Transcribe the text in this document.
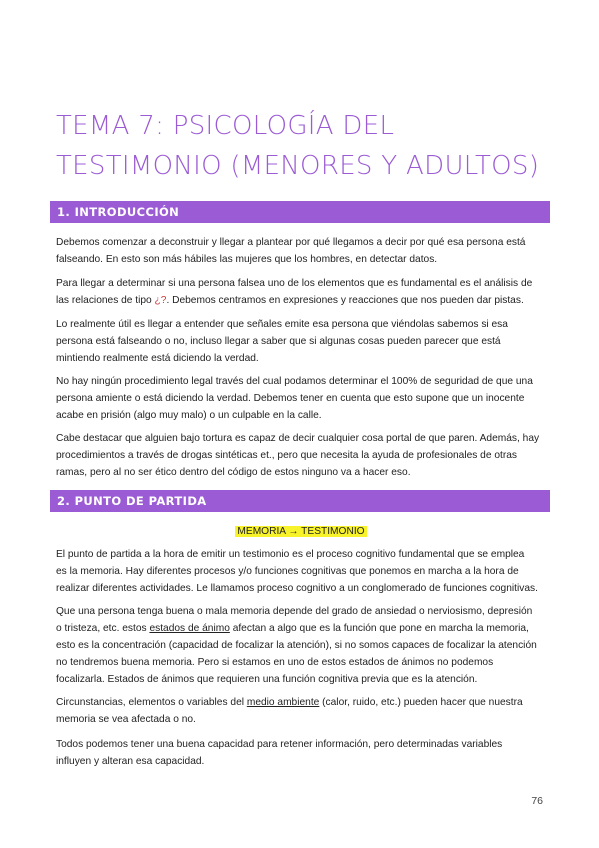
TEMA 7: PSICOLOGÍA DEL
TESTIMONIO (MENORES Y ADULTOS)
1. INTRODUCCIÓN
Debemos comenzar a deconstruir y llegar a plantear por qué llegamos a decir por qué esa persona está
falseando. En esto son más hábiles las mujeres que los hombres, en detectar datos.
Para llegar a determinar si una persona falsea uno de los elementos que es fundamental es el análisis de
las relaciones de tipo ¿?. Debemos centramos en expresiones y reacciones que nos pueden dar pistas.
Lo realmente útil es llegar a entender que señales emite esa persona que viéndolas sabemos si esa
persona está falseando o no, incluso llegar a saber que si algunas cosas pueden parecer que está
mintiendo realmente está diciendo la verdad.
No hay ningún procedimiento legal través del cual podamos determinar el 100% de seguridad de que una
persona amiente o está diciendo la verdad. Debemos tener en cuenta que esto supone que un inocente
acabe en prisión (algo muy malo) o un culpable en la calle.
Cabe destacar que alguien bajo tortura es capaz de decir cualquier cosa portal de que paren. Además, hay
procedimientos a través de drogas sintéticas et., pero que necesita la ayuda de profesionales de otras
ramas, pero al no ser ético dentro del código de estos ninguno va a hacer eso.
2. PUNTO DE PARTIDA
MEMORIA → TESTIMONIO
El punto de partida a la hora de emitir un testimonio es el proceso cognitivo fundamental que se emplea
es la memoria. Hay diferentes procesos y/o funciones cognitivas que ponemos en marcha a la hora de
realizar diferentes actividades. Le llamamos proceso cognitivo a un conglomerado de funciones cognitivas.
Que una persona tenga buena o mala memoria depende del grado de ansiedad o nerviosismo, depresión
o tristeza, etc. estos estados de ánimo afectan a algo que es la función que pone en marcha la memoria,
esto es la concentración (capacidad de focalizar la atención), si no somos capaces de focalizar la atención
no tendremos buena memoria. Pero si estamos en uno de estos estados de ánimos no podemos
focalizarla. Estados de ánimos que requieren una función cognitiva previa que es la atención.
Circunstancias, elementos o variables del medio ambiente (calor, ruido, etc.) pueden hacer que nuestra
memoria se vea afectada o no.
Todos podemos tener una buena capacidad para retener información, pero determinadas variables
influyen y alteran esa capacidad.
76
